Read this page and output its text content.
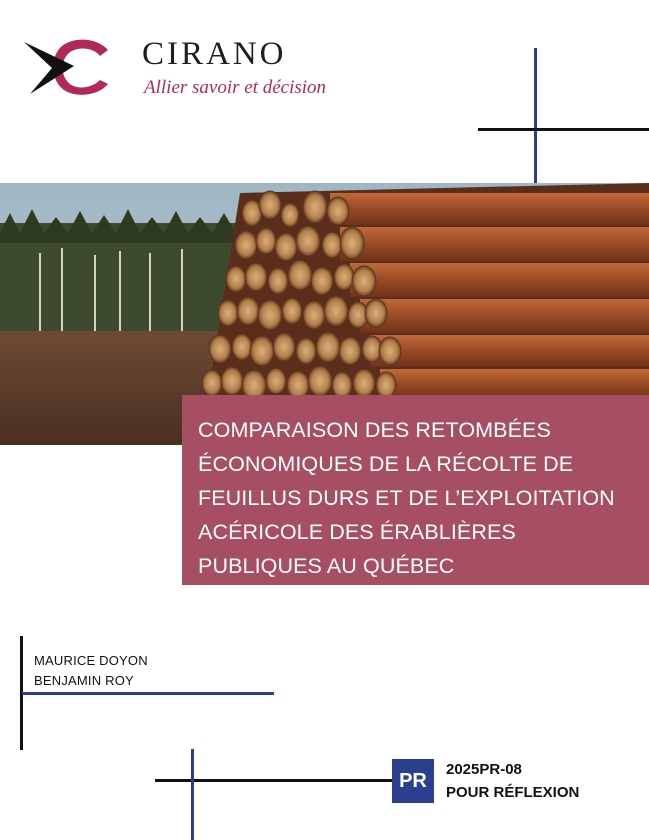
CIRANO
Allier savoir et décision
COMPARAISON DES RETOMBÉES ÉCONOMIQUES DE LA RÉCOLTE DE FEUILLUS DURS ET DE L’EXPLOITATION ACÉRICOLE DES ÉRABLIÈRES PUBLIQUES AU QUÉBEC
MAURICE DOYON
BENJAMIN ROY
PR	2025PR-08
POUR RÉFLEXION
